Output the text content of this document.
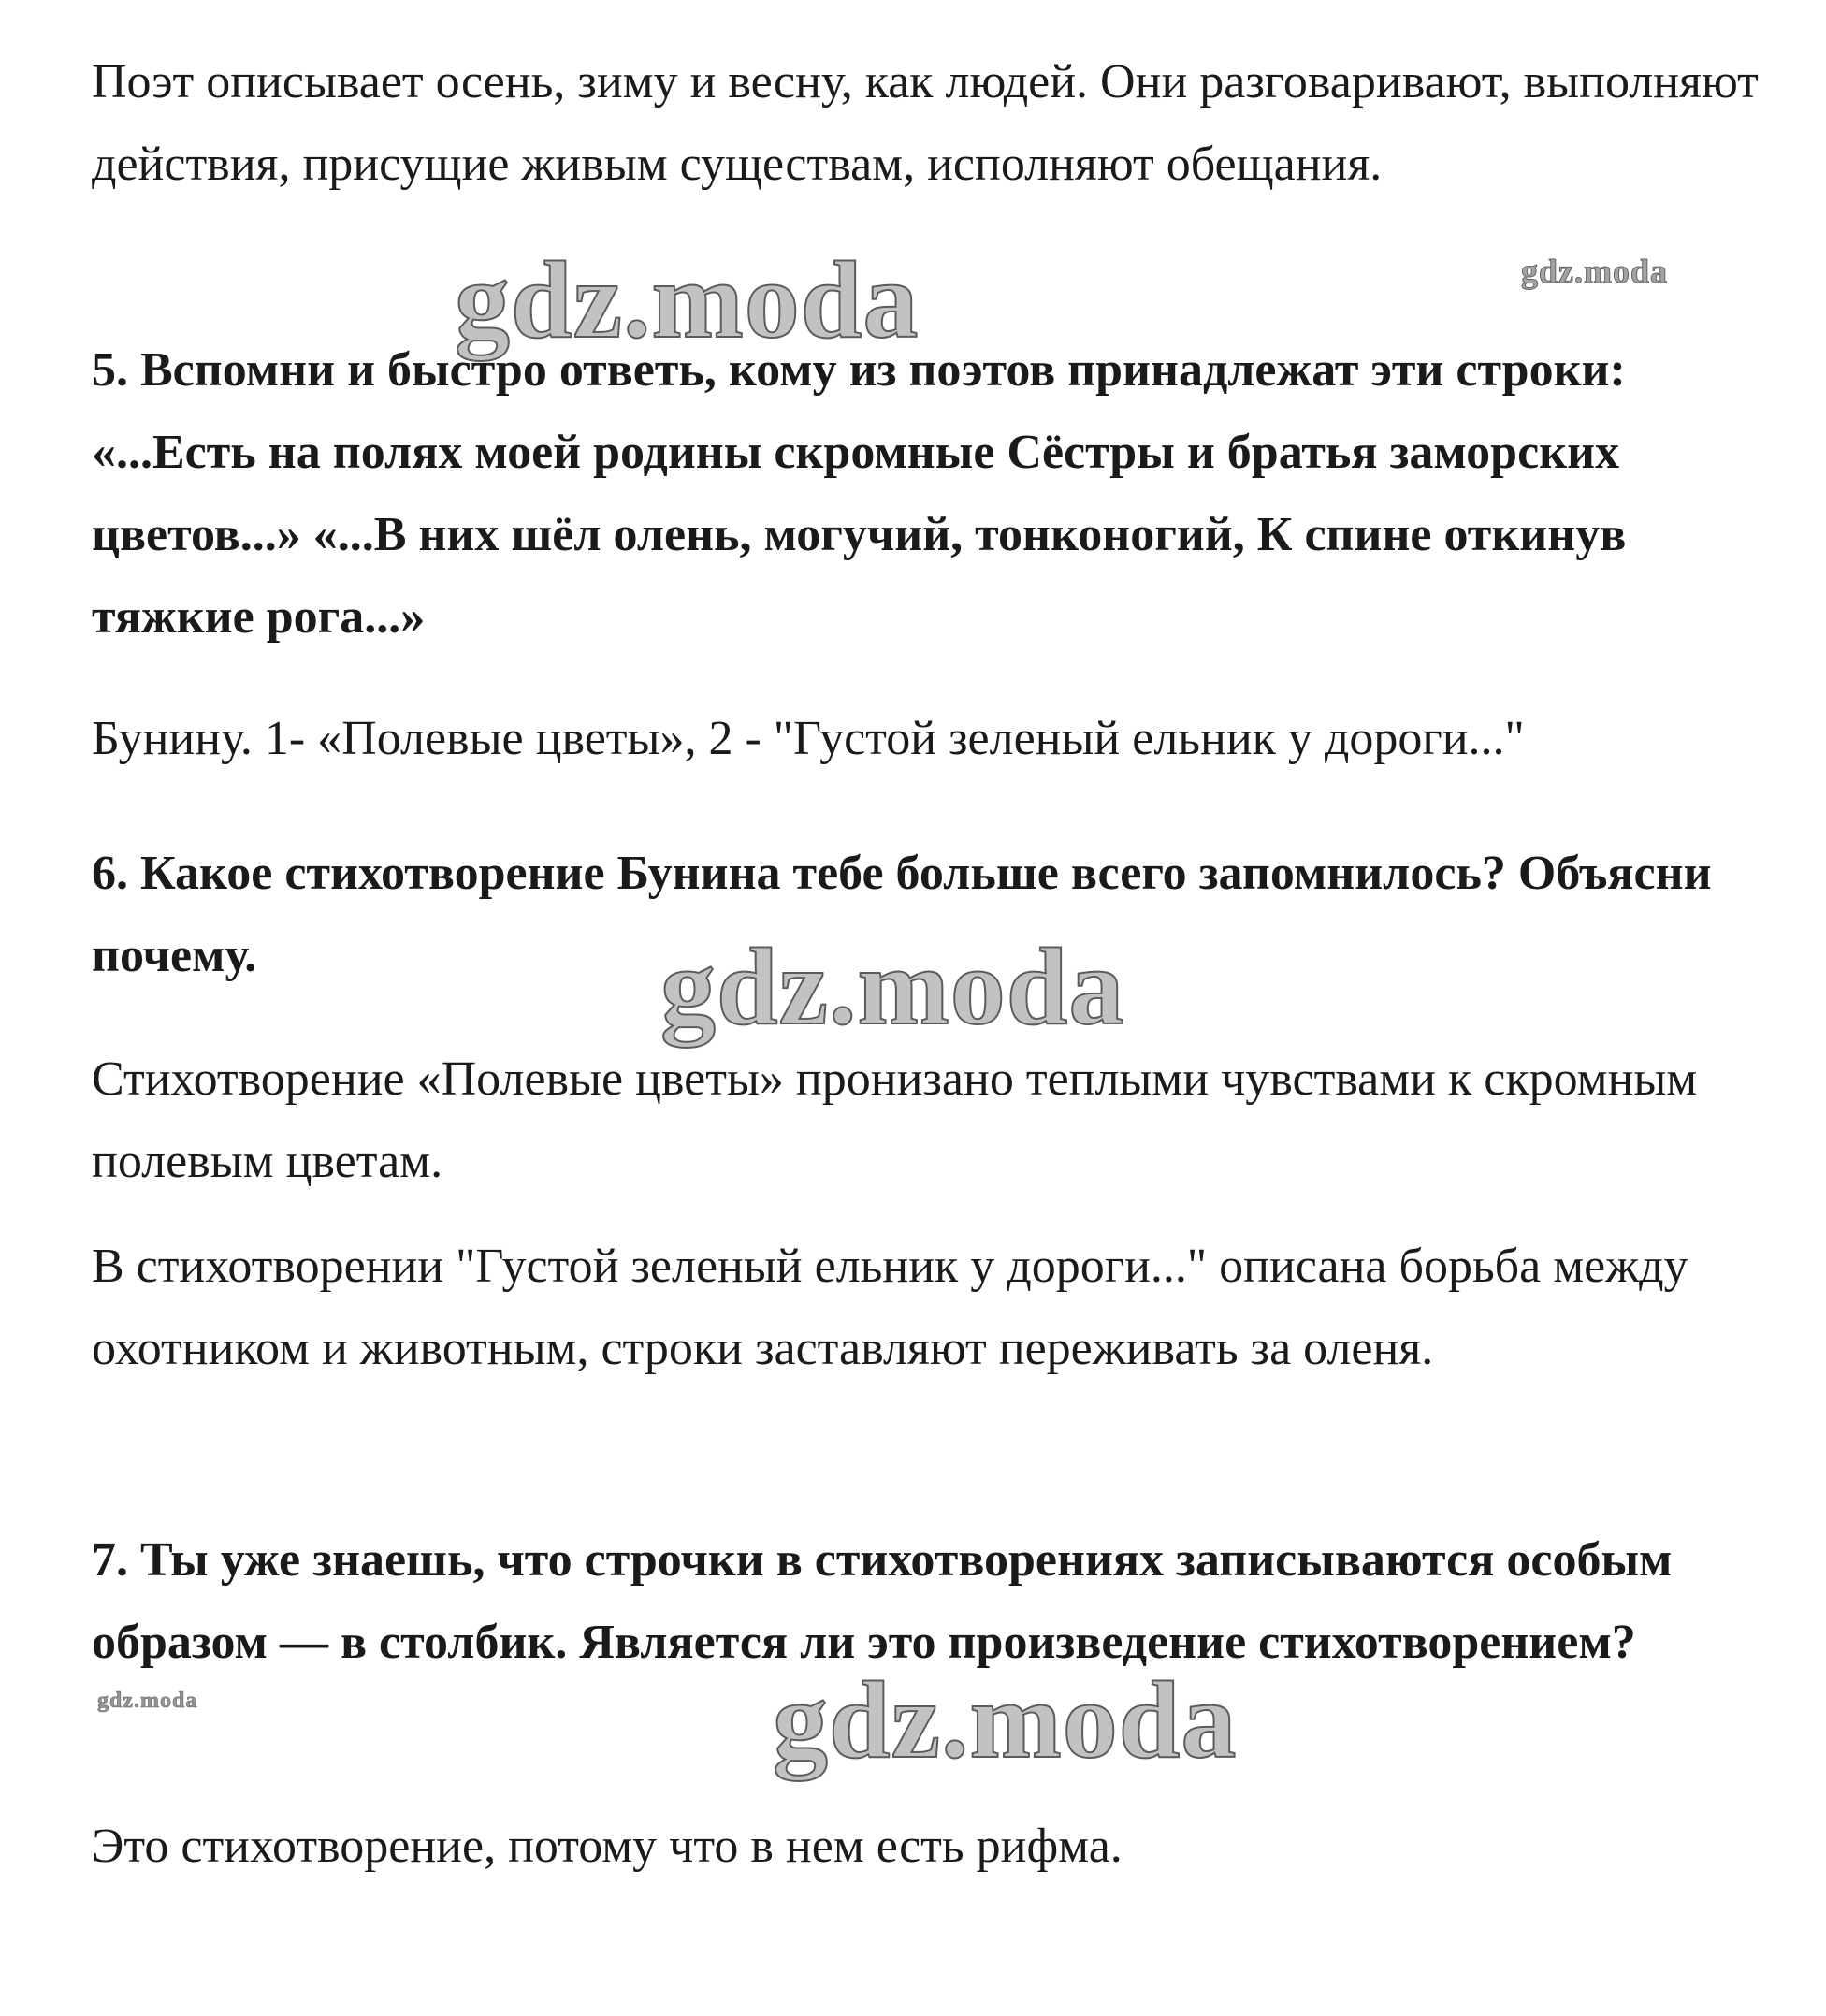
Поэт описывает осень, зиму и весну, как людей. Они разговаривают, выполняют действия, присущие живым существам, исполняют обещания.

5. Вспомни и быстро ответь, кому из поэтов принадлежат эти строки: «...Есть на полях моей родины скромные Сёстры и братья заморских цветов...» «...В них шёл олень, могучий, тонконогий, К спине откинув тяжкие рога...»

Бунину. 1- «Полевые цветы», 2 - "Густой зеленый ельник у дороги..."

6. Какое стихотворение Бунина тебе больше всего запомнилось? Объясни почему.

Стихотворение «Полевые цветы» пронизано теплыми чувствами к скромным полевым цветам.

В стихотворении "Густой зеленый ельник у дороги..." описана борьба между охотником и животным, строки заставляют переживать за оленя.

7. Ты уже знаешь, что строчки в стихотворениях записываются особым образом — в столбик. Является ли это произведение стихотворением?

Это стихотворение, потому что в нем есть рифма.

gdz.moda	gdz.moda
gdz.moda
gdz.moda	gdz.moda
